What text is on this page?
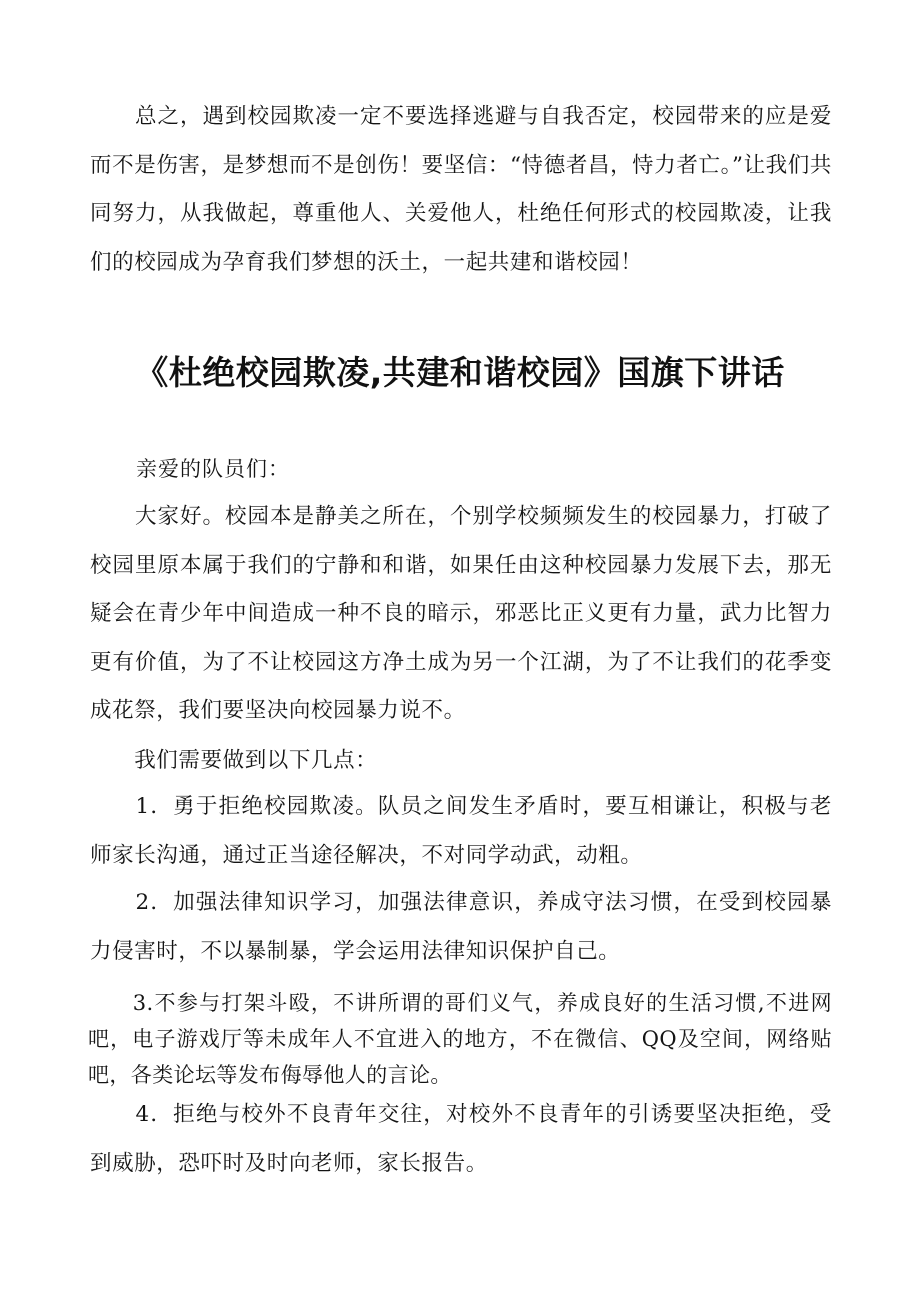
　　总之，遇到校园欺凌一定不要选择逃避与自我否定，校园带来的应是爱而不是伤害，是梦想而不是创伤！要坚信：“恃德者昌，恃力者亡。”让我们共同努力，从我做起，尊重他人、关爱他人，杜绝任何形式的校园欺凌，让我们的校园成为孕育我们梦想的沃土，一起共建和谐校园！

《杜绝校园欺凌,共建和谐校园》国旗下讲话

亲爱的队员们：

　　大家好。校园本是静美之所在，个别学校频频发生的校园暴力，打破了校园里原本属于我们的宁静和和谐，如果任由这种校园暴力发展下去，那无疑会在青少年中间造成一种不良的暗示，邪恶比正义更有力量，武力比智力更有价值，为了不让校园这方净土成为另一个江湖，为了不让我们的花季变成花祭，我们要坚决向校园暴力说不。

　　我们需要做到以下几点：

　　1．勇于拒绝校园欺凌。队员之间发生矛盾时，要互相谦让，积极与老师家长沟通，通过正当途径解决，不对同学动武，动粗。

　　2．加强法律知识学习，加强法律意识，养成守法习惯，在受到校园暴力侵害时，不以暴制暴，学会运用法律知识保护自己。

　　3.不参与打架斗殴，不讲所谓的哥们义气，养成良好的生活习惯,不进网吧，电子游戏厅等未成年人不宜进入的地方，不在微信、QQ及空间，网络贴吧，各类论坛等发布侮辱他人的言论。

　　4．拒绝与校外不良青年交往，对校外不良青年的引诱要坚决拒绝，受到威胁，恐吓时及时向老师，家长报告。
